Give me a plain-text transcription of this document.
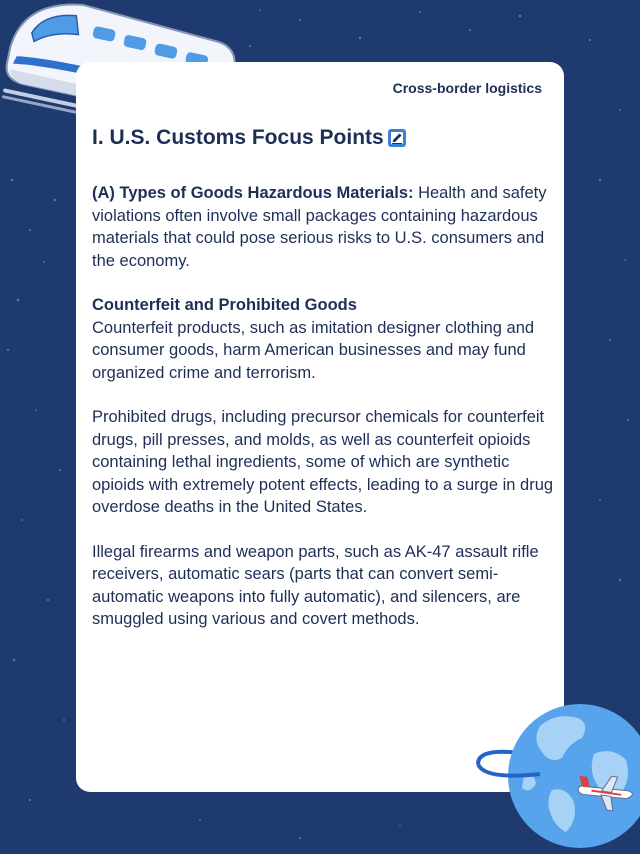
Cross-border logistics
I. U.S. Customs Focus Points

(A) Types of Goods Hazardous Materials: Health and safety violations often involve small packages containing hazardous materials that could pose serious risks to U.S. consumers and the economy.

Counterfeit and Prohibited Goods
Counterfeit products, such as imitation designer clothing and consumer goods, harm American businesses and may fund organized crime and terrorism.

Prohibited drugs, including precursor chemicals for counterfeit drugs, pill presses, and molds, as well as counterfeit opioids containing lethal ingredients, some of which are synthetic opioids with extremely potent effects, leading to a surge in drug overdose deaths in the United States.

Illegal firearms and weapon parts, such as AK-47 assault rifle receivers, automatic sears (parts that can convert semi-automatic weapons into fully automatic), and silencers, are smuggled using various and covert methods.
